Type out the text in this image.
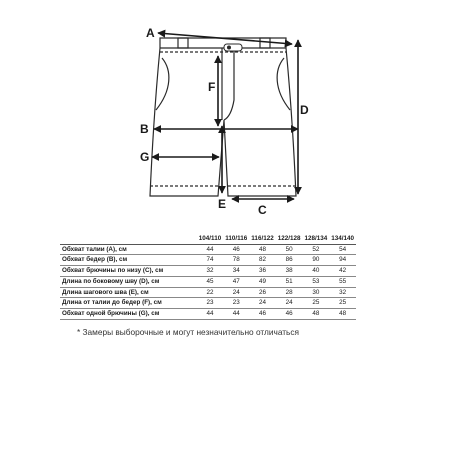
A
B
G
C
D
F
E
	104/110	110/116	116/122	122/128	128/134	134/140
Обхват талии (A), см	44	46	48	50	52	54
Обхват бедер (B), см	74	78	82	86	90	94
Обхват брючины по низу (C), см	32	34	36	38	40	42
Длина по боковому шву (D), см	45	47	49	51	53	55
Длина шагового шва (E), см	22	24	26	28	30	32
Длина от талии до бедер (F), см	23	23	24	24	25	25
Обхват одной брючины (G), см	44	44	46	46	48	48

* Замеры выборочные и могут незначительно отличаться
